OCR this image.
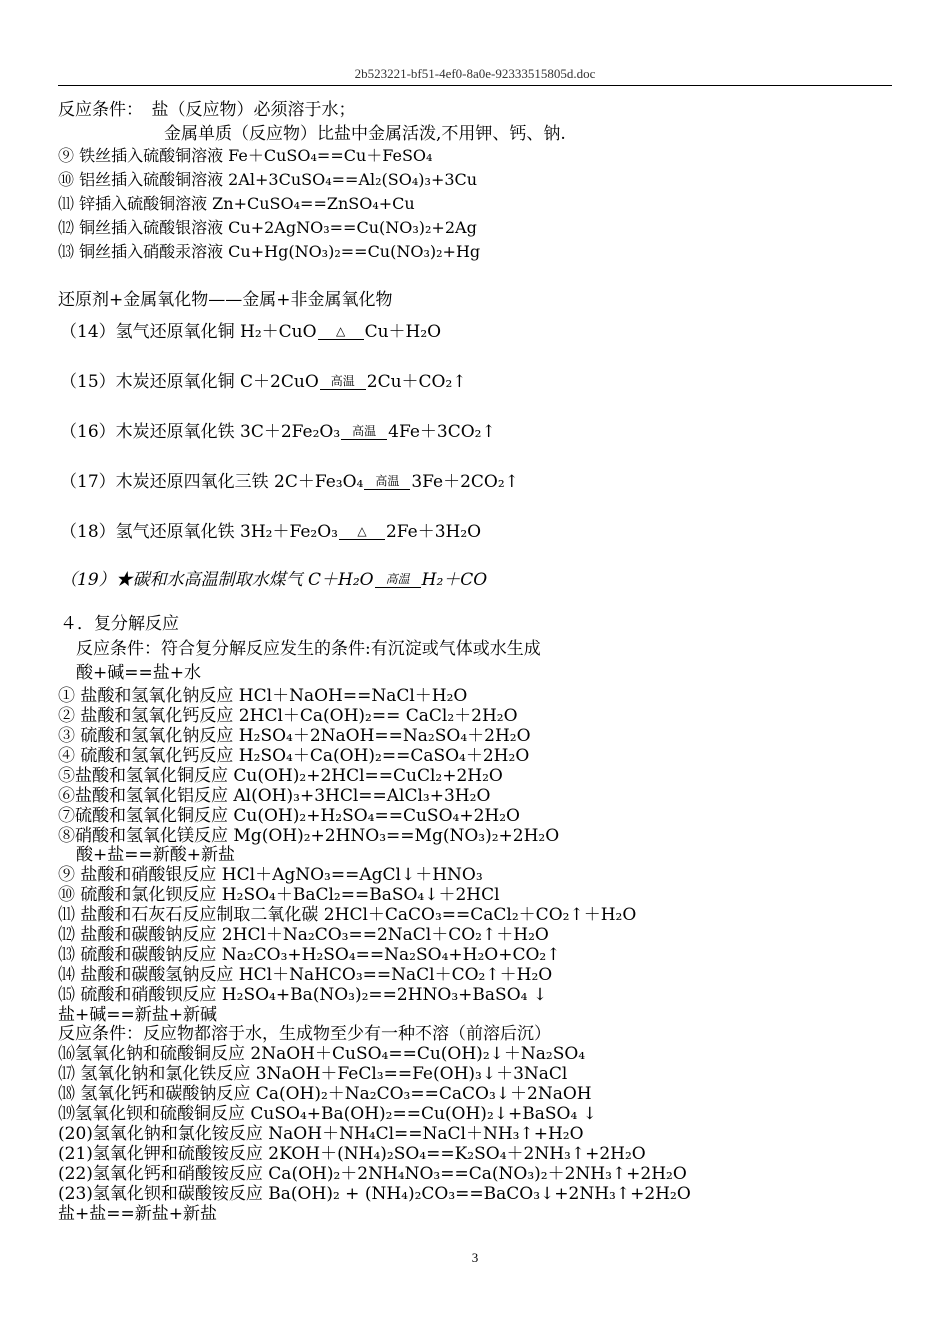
2b523221-bf51-4ef0-8a0e-92333515805d.doc
反应条件：　盐（反应物）必须溶于水；
金属单质（反应物）比盐中金属活泼,不用钾、钙、钠.
⑨ 铁丝插入硫酸铜溶液 Fe＋CuSO₄==Cu＋FeSO₄
⑩ 铝丝插入硫酸铜溶液 2Al+3CuSO₄==Al₂(SO₄)₃+3Cu
⑾ 锌插入硫酸铜溶液 Zn+CuSO₄==ZnSO₄+Cu
⑿ 铜丝插入硫酸银溶液 Cu+2AgNO₃==Cu(NO₃)₂+2Ag
⒀ 铜丝插入硝酸汞溶液 Cu+Hg(NO₃)₂==Cu(NO₃)₂+Hg
还原剂+金属氧化物——金属+非金属氧化物
（14）氢气还原氧化铜 H₂＋CuO △ Cu＋H₂O
（15）木炭还原氧化铜 C＋2CuO 高温 2Cu＋CO₂↑
（16）木炭还原氧化铁 3C＋2Fe₂O₃ 高温 4Fe＋3CO₂↑
（17）木炭还原四氧化三铁 2C＋Fe₃O₄ 高温 3Fe＋2CO₂↑
（18）氢气还原氧化铁 3H₂＋Fe₂O₃ △ 2Fe＋3H₂O
（19）★碳和水高温制取水煤气 C＋H₂O 高温 H₂＋CO
４．复分解反应
反应条件：符合复分解反应发生的条件:有沉淀或气体或水生成
酸+碱==盐+水
① 盐酸和氢氧化钠反应 HCl＋NaOH==NaCl＋H₂O
② 盐酸和氢氧化钙反应 2HCl＋Ca(OH)₂== CaCl₂＋2H₂O
③ 硫酸和氢氧化钠反应 H₂SO₄＋2NaOH==Na₂SO₄＋2H₂O
④ 硫酸和氢氧化钙反应 H₂SO₄＋Ca(OH)₂==CaSO₄＋2H₂O
⑤盐酸和氢氧化铜反应 Cu(OH)₂+2HCl==CuCl₂+2H₂O
⑥盐酸和氢氧化铝反应 Al(OH)₃+3HCl==AlCl₃+3H₂O
⑦硫酸和氢氧化铜反应 Cu(OH)₂+H₂SO₄==CuSO₄+2H₂O
⑧硝酸和氢氧化镁反应 Mg(OH)₂+2HNO₃==Mg(NO₃)₂+2H₂O
酸+盐==新酸+新盐
⑨ 盐酸和硝酸银反应 HCl＋AgNO₃==AgCl↓＋HNO₃
⑩ 硫酸和氯化钡反应 H₂SO₄＋BaCl₂==BaSO₄↓＋2HCl
⑾ 盐酸和石灰石反应制取二氧化碳 2HCl＋CaCO₃==CaCl₂＋CO₂↑＋H₂O
⑿ 盐酸和碳酸钠反应 2HCl＋Na₂CO₃==2NaCl＋CO₂↑＋H₂O
⒀ 硫酸和碳酸钠反应 Na₂CO₃+H₂SO₄==Na₂SO₄+H₂O+CO₂↑
⒁ 盐酸和碳酸氢钠反应 HCl＋NaHCO₃==NaCl＋CO₂↑＋H₂O
⒂ 硫酸和硝酸钡反应 H₂SO₄+Ba(NO₃)₂==2HNO₃+BaSO₄ ↓
盐+碱==新盐+新碱
反应条件：反应物都溶于水，生成物至少有一种不溶（前溶后沉）
⒃氢氧化钠和硫酸铜反应 2NaOH＋CuSO₄==Cu(OH)₂↓＋Na₂SO₄
⒄ 氢氧化钠和氯化铁反应 3NaOH＋FeCl₃==Fe(OH)₃↓＋3NaCl
⒅ 氢氧化钙和碳酸钠反应 Ca(OH)₂＋Na₂CO₃==CaCO₃↓＋2NaOH
⒆氢氧化钡和硫酸铜反应 CuSO₄+Ba(OH)₂==Cu(OH)₂↓+BaSO₄ ↓
(20)氢氧化钠和氯化铵反应 NaOH＋NH₄Cl==NaCl＋NH₃↑+H₂O
(21)氢氧化钾和硫酸铵反应 2KOH＋(NH₄)₂SO₄==K₂SO₄＋2NH₃↑+2H₂O
(22)氢氧化钙和硝酸铵反应 Ca(OH)₂＋2NH₄NO₃==Ca(NO₃)₂＋2NH₃↑+2H₂O
(23)氢氧化钡和碳酸铵反应 Ba(OH)₂ + (NH₄)₂CO₃==BaCO₃↓+2NH₃↑+2H₂O
盐+盐==新盐+新盐
3
